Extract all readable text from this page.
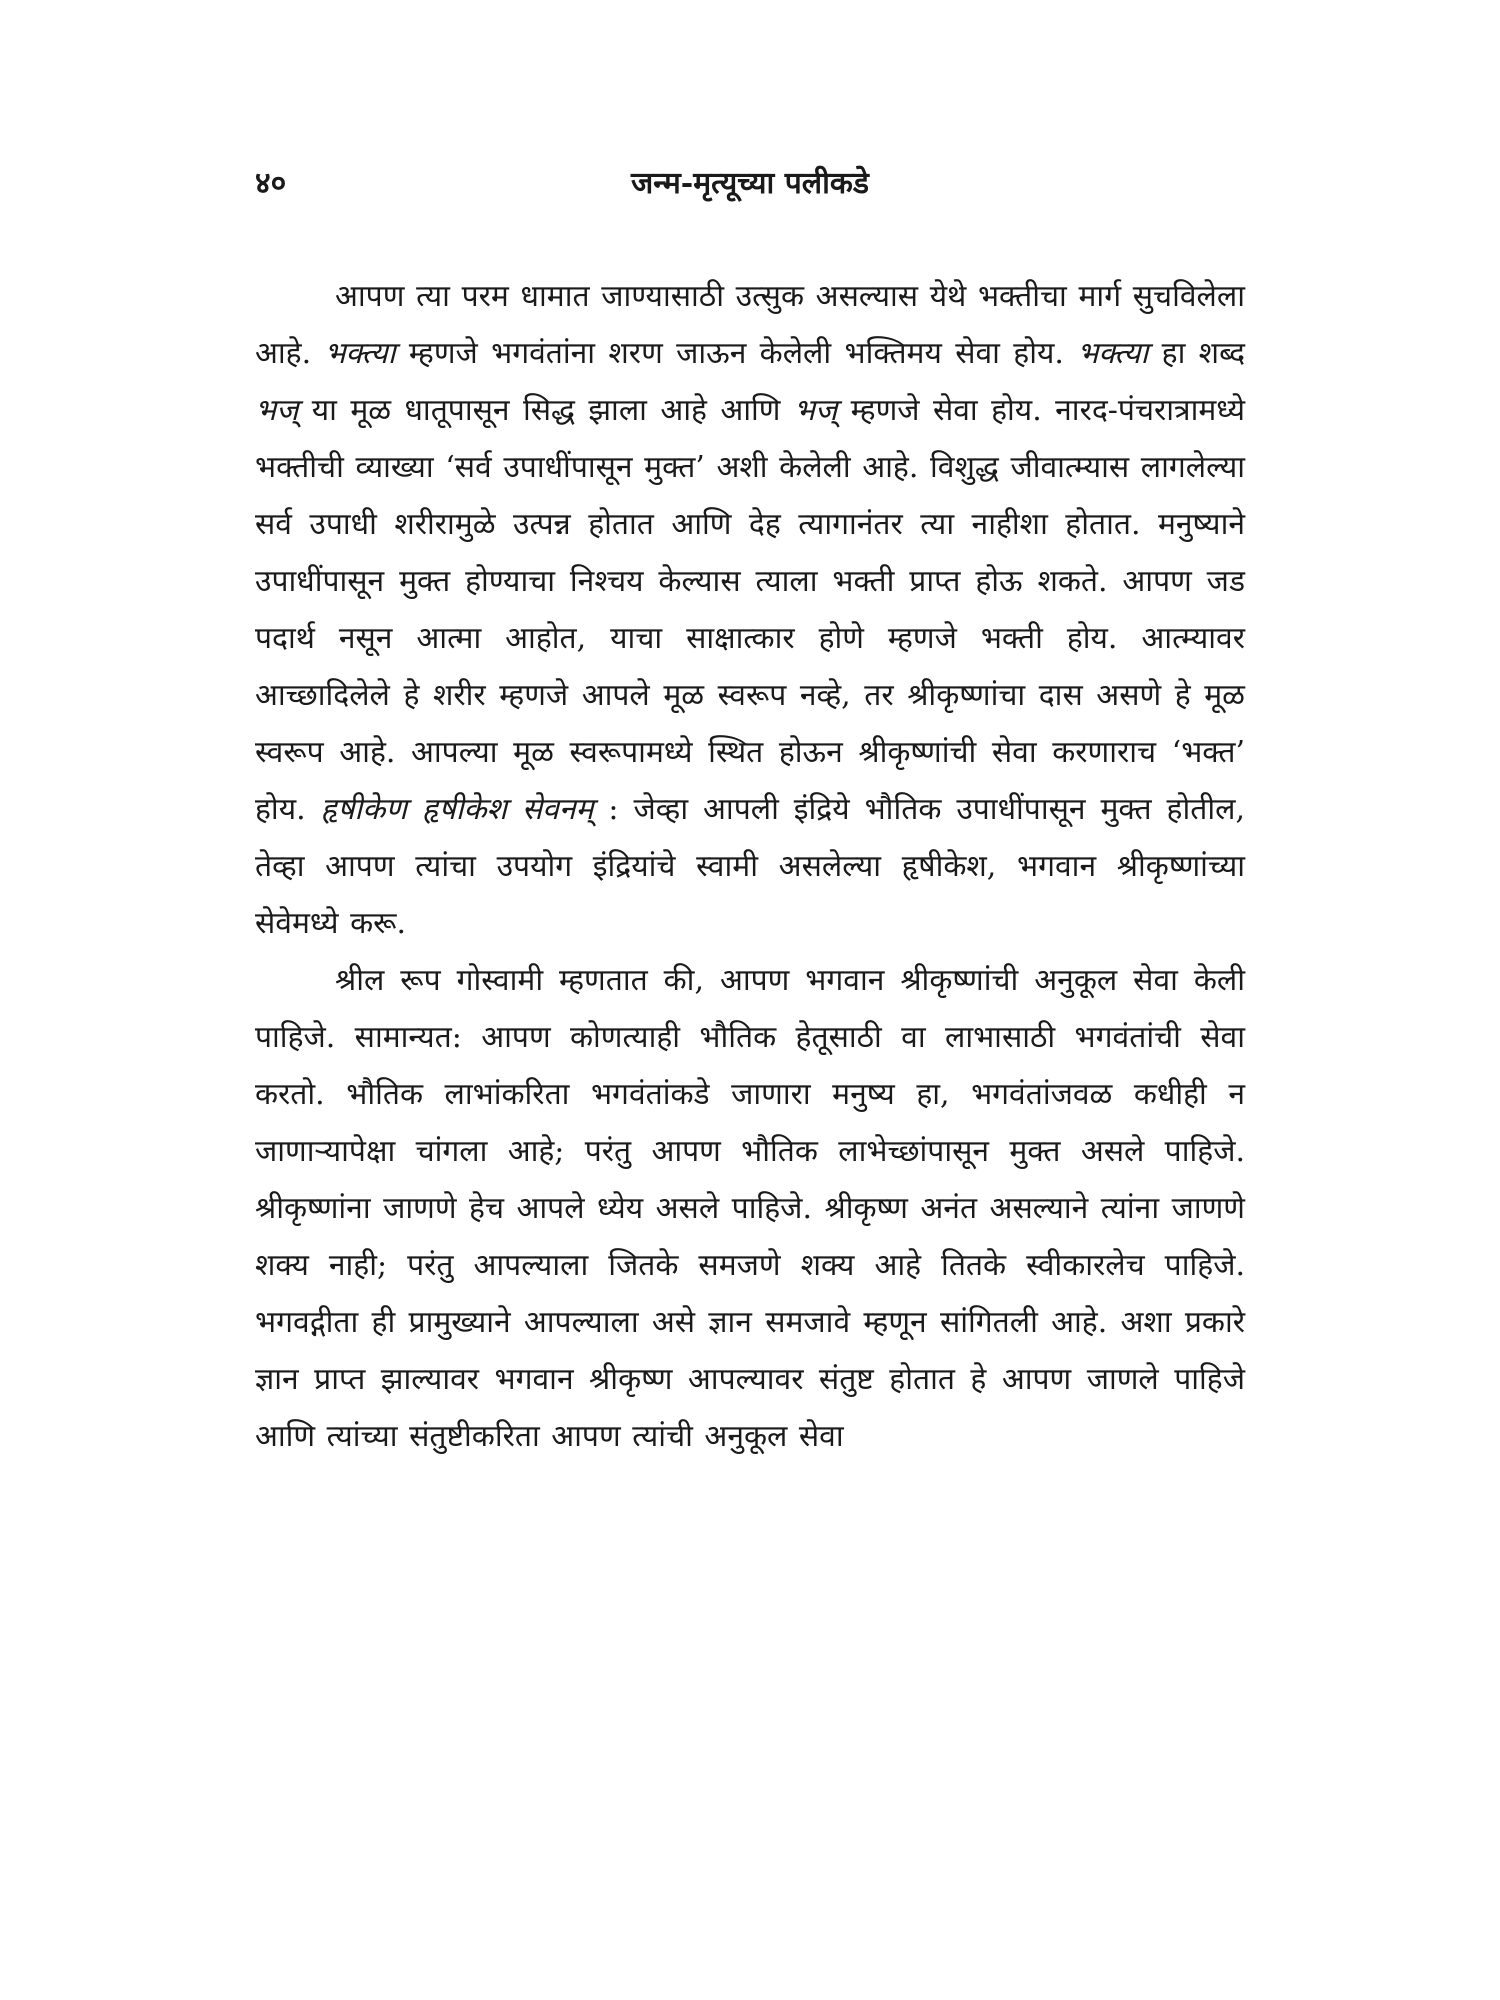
४०	जन्म-मृत्यूच्या पलीकडे

आपण त्या परम धामात जाण्यासाठी उत्सुक असल्यास येथे भक्तीचा मार्ग सुचविलेला आहे. भक्त्या म्हणजे भगवंतांना शरण जाऊन केलेली भक्तिमय सेवा होय. भक्त्या हा शब्द भज् या मूळ धातूपासून सिद्ध झाला आहे आणि भज् म्हणजे सेवा होय. नारद-पंचरात्रामध्ये भक्तीची व्याख्या ‘सर्व उपाधींपासून मुक्त’ अशी केलेली आहे. विशुद्ध जीवात्म्यास लागलेल्या सर्व उपाधी शरीरामुळे उत्पन्न होतात आणि देह त्यागानंतर त्या नाहीशा होतात. मनुष्याने उपाधींपासून मुक्त होण्याचा निश्चय केल्यास त्याला भक्ती प्राप्त होऊ शकते. आपण जड पदार्थ नसून आत्मा आहोत, याचा साक्षात्कार होणे म्हणजे भक्ती होय. आत्म्यावर आच्छादिलेले हे शरीर म्हणजे आपले मूळ स्वरूप नव्हे, तर श्रीकृष्णांचा दास असणे हे मूळ स्वरूप आहे. आपल्या मूळ स्वरूपामध्ये स्थित होऊन श्रीकृष्णांची सेवा करणाराच ‘भक्त’ होय. हृषीकेण हृषीकेश सेवनम् : जेव्हा आपली इंद्रिये भौतिक उपाधींपासून मुक्त होतील, तेव्हा आपण त्यांचा उपयोग इंद्रियांचे स्वामी असलेल्या हृषीकेश, भगवान श्रीकृष्णांच्या सेवेमध्ये करू.

श्रील रूप गोस्वामी म्हणतात की, आपण भगवान श्रीकृष्णांची अनुकूल सेवा केली पाहिजे. सामान्यत: आपण कोणत्याही भौतिक हेतूसाठी वा लाभासाठी भगवंतांची सेवा करतो. भौतिक लाभांकरिता भगवंतांकडे जाणारा मनुष्य हा, भगवंतांजवळ कधीही न जाणाऱ्यापेक्षा चांगला आहे; परंतु आपण भौतिक लाभेच्छांपासून मुक्त असले पाहिजे. श्रीकृष्णांना जाणणे हेच आपले ध्येय असले पाहिजे. श्रीकृष्ण अनंत असल्याने त्यांना जाणणे शक्य नाही; परंतु आपल्याला जितके समजणे शक्य आहे तितके स्वीकारलेच पाहिजे. भगवद्गीता ही प्रामुख्याने आपल्याला असे ज्ञान समजावे म्हणून सांगितली आहे. अशा प्रकारे ज्ञान प्राप्त झाल्यावर भगवान श्रीकृष्ण आपल्यावर संतुष्ट होतात हे आपण जाणले पाहिजे आणि त्यांच्या संतुष्टीकरिता आपण त्यांची अनुकूल सेवा
